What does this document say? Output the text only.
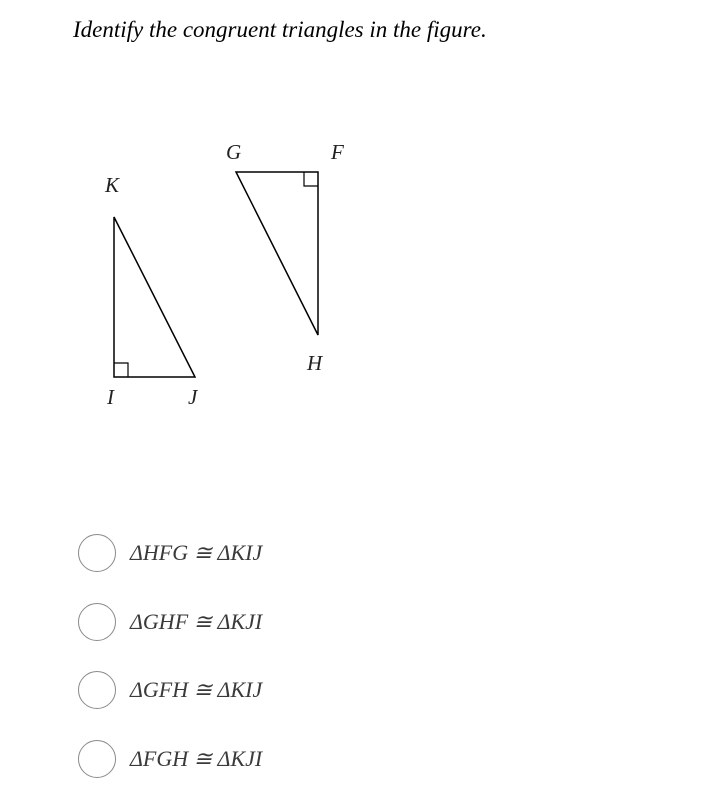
Identify the congruent triangles in the figure.
K
I	J
G	F
H
ΔHFG ≅ ΔKIJ
ΔGHF ≅ ΔKJI
ΔGFH ≅ ΔKIJ
ΔFGH ≅ ΔKJI
